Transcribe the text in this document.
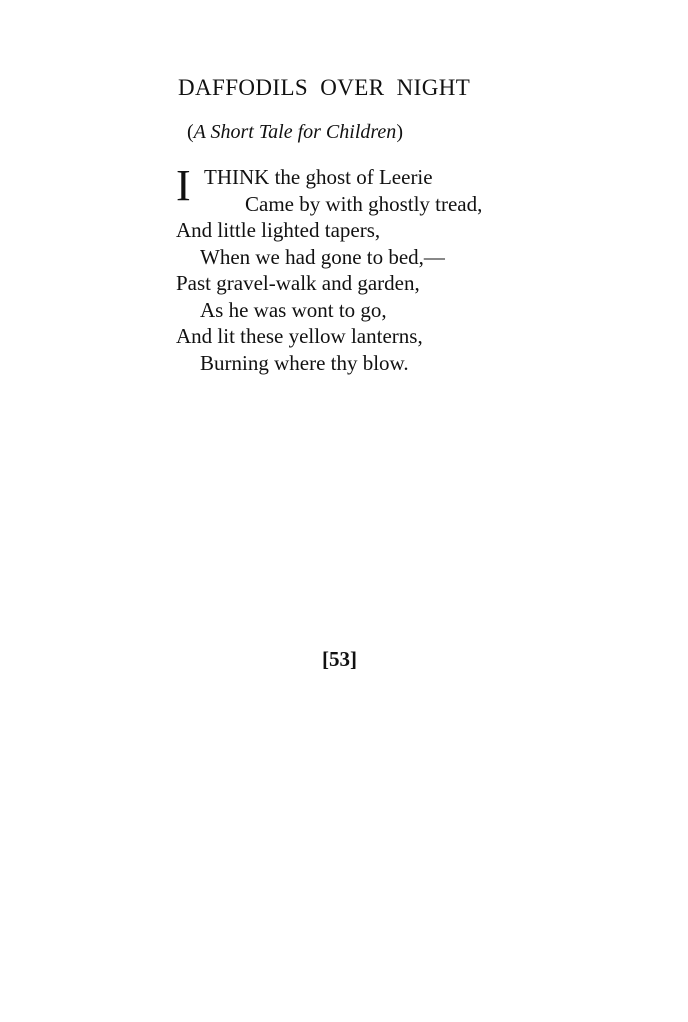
DAFFODILS OVER NIGHT
(A Short Tale for Children)
I THINK the ghost of Leerie
Came by with ghostly tread,
And little lighted tapers,
When we had gone to bed,—
Past gravel-walk and garden,
As he was wont to go,
And lit these yellow lanterns,
Burning where thy blow.
[53]
